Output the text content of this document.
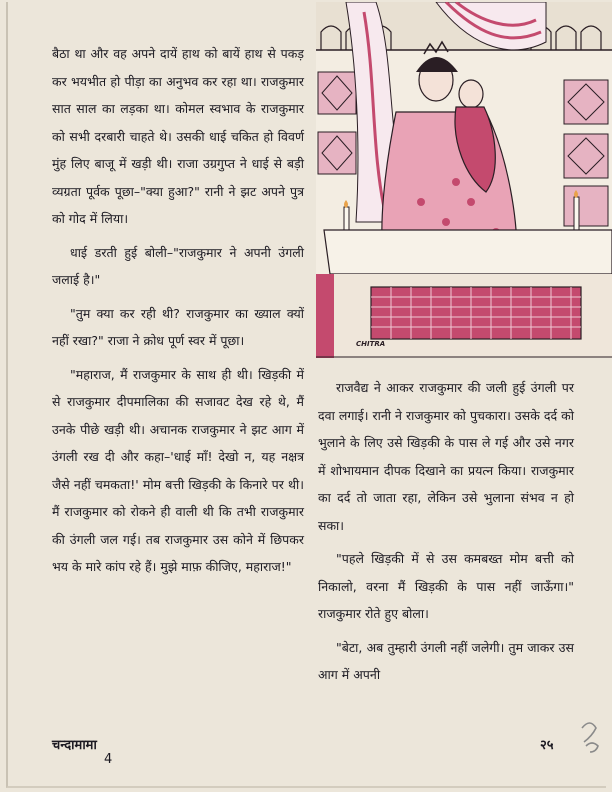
बैठा था और वह अपने दायें हाथ को बायें हाथ से पकड़ कर भयभीत हो पीड़ा का अनुभव कर रहा था। राजकुमार सात साल का लड़का था। कोमल स्वभाव के राजकुमार को सभी दरबारी चाहते थे। उसकी धाई चकित हो विवर्ण मुंह लिए बाजू में खड़ी थी। राजा उग्रगुप्त ने धाई से बड़ी व्यग्रता पूर्वक पूछा–"क्या हुआ?" रानी ने झट अपने पुत्र को गोद में लिया।

धाई डरती हुई बोली–"राजकुमार ने अपनी उंगली जलाई है।"

"तुम क्या कर रही थी? राजकुमार का ख्याल क्यों नहीं रखा?" राजा ने क्रोध पूर्ण स्वर में पूछा।

"महाराज, मैं राजकुमार के साथ ही थी। खिड़की में से राजकुमार दीपमालिका की सजावट देख रहे थे, मैं उनके पीछे खड़ी थी। अचानक राजकुमार ने झट आग में उंगली रख दी और कहा–'धाई माँ! देखो न, यह नक्षत्र जैसे नहीं चमकता!' मोम बत्ती खिड़की के किनारे पर थी। मैं राजकुमार को रोकने ही वाली थी कि तभी राजकुमार की उंगली जल गई। तब राजकुमार उस कोने में छिपकर भय के मारे कांप रहे हैं। मुझे माफ़ कीजिए, महाराज!"

CHITRA

राजवैद्य ने आकर राजकुमार की जली हुई उंगली पर दवा लगाई। रानी ने राजकुमार को पुचकारा। उसके दर्द को भुलाने के लिए उसे खिड़की के पास ले गई और उसे नगर में शोभायमान दीपक दिखाने का प्रयत्न किया। राजकुमार का दर्द तो जाता रहा, लेकिन उसे भुलाना संभव न हो सका।

"पहले खिड़की में से उस कमबख्त मोम बत्ती को निकालो, वरना मैं खिड़की के पास नहीं जाऊँगा।" राजकुमार रोते हुए बोला।

"बेटा, अब तुम्हारी उंगली नहीं जलेगी। तुम जाकर उस आग में अपनी

चन्दामामा
4
२५
